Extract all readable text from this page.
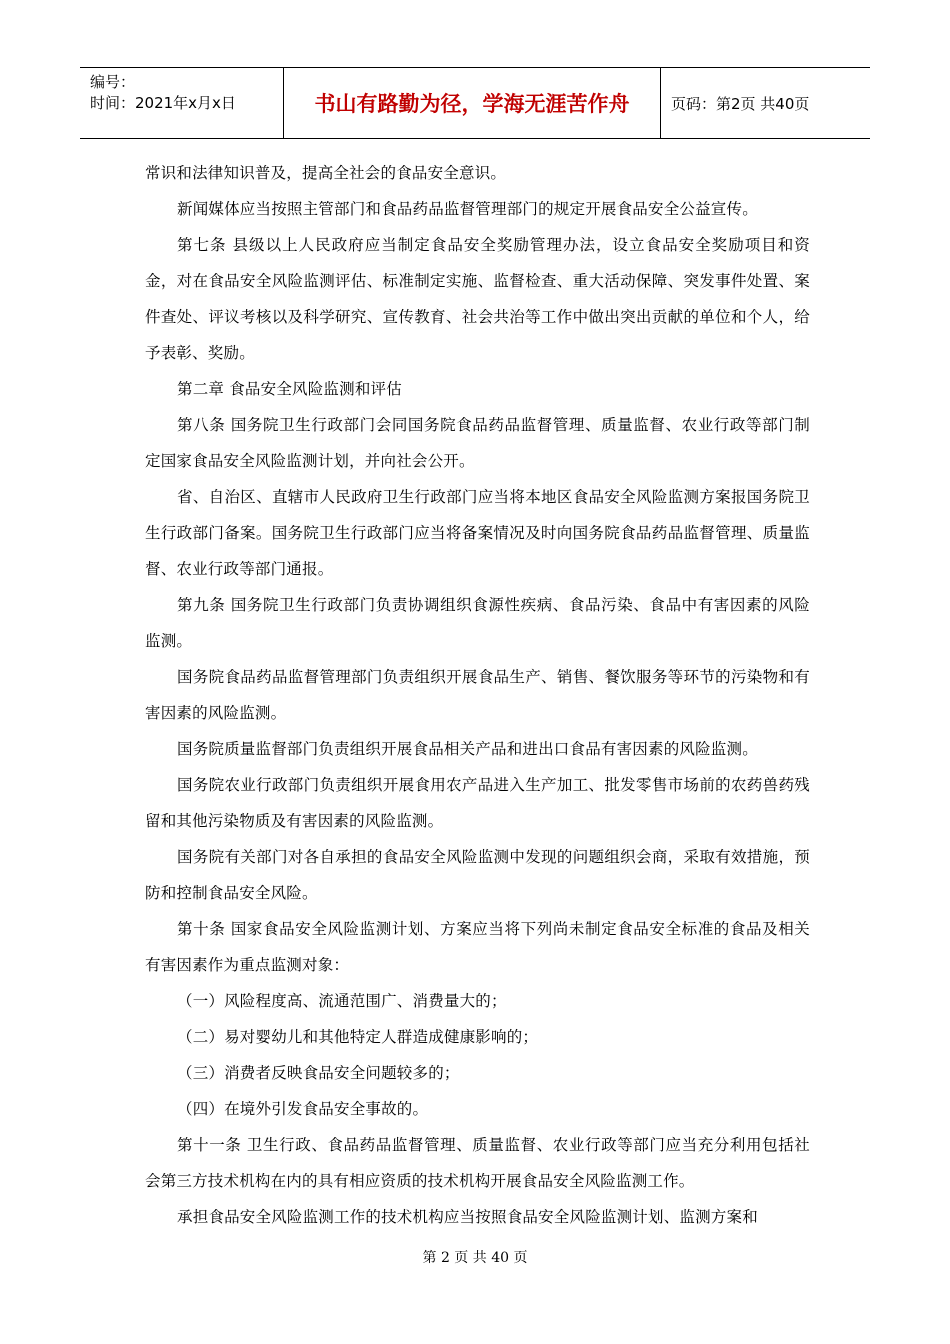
编号：
时间：2021年x月x日	书山有路勤为径，学海无涯苦作舟	页码：第2页 共40页

常识和法律知识普及，提高全社会的食品安全意识。

新闻媒体应当按照主管部门和食品药品监督管理部门的规定开展食品安全公益宣传。

第七条 县级以上人民政府应当制定食品安全奖励管理办法，设立食品安全奖励项目和资金，对在食品安全风险监测评估、标准制定实施、监督检查、重大活动保障、突发事件处置、案件查处、评议考核以及科学研究、宣传教育、社会共治等工作中做出突出贡献的单位和个人，给予表彰、奖励。

第二章 食品安全风险监测和评估

第八条 国务院卫生行政部门会同国务院食品药品监督管理、质量监督、农业行政等部门制定国家食品安全风险监测计划，并向社会公开。

省、自治区、直辖市人民政府卫生行政部门应当将本地区食品安全风险监测方案报国务院卫生行政部门备案。国务院卫生行政部门应当将备案情况及时向国务院食品药品监督管理、质量监督、农业行政等部门通报。

第九条 国务院卫生行政部门负责协调组织食源性疾病、食品污染、食品中有害因素的风险监测。

国务院食品药品监督管理部门负责组织开展食品生产、销售、餐饮服务等环节的污染物和有害因素的风险监测。

国务院质量监督部门负责组织开展食品相关产品和进出口食品有害因素的风险监测。

国务院农业行政部门负责组织开展食用农产品进入生产加工、批发零售市场前的农药兽药残留和其他污染物质及有害因素的风险监测。

国务院有关部门对各自承担的食品安全风险监测中发现的问题组织会商，采取有效措施，预防和控制食品安全风险。

第十条 国家食品安全风险监测计划、方案应当将下列尚未制定食品安全标准的食品及相关有害因素作为重点监测对象：

（一）风险程度高、流通范围广、消费量大的；

（二）易对婴幼儿和其他特定人群造成健康影响的；

（三）消费者反映食品安全问题较多的；

（四）在境外引发食品安全事故的。

第十一条 卫生行政、食品药品监督管理、质量监督、农业行政等部门应当充分利用包括社会第三方技术机构在内的具有相应资质的技术机构开展食品安全风险监测工作。

承担食品安全风险监测工作的技术机构应当按照食品安全风险监测计划、监测方案和

第 2 页 共 40 页
